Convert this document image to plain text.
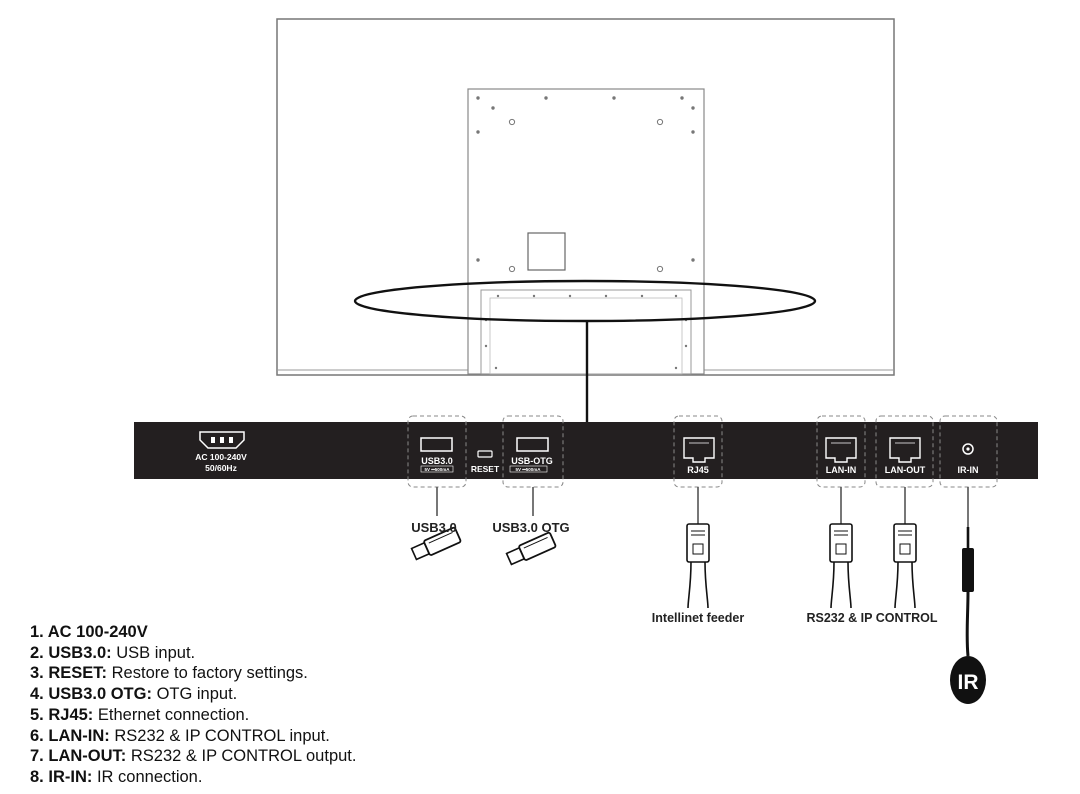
AC 100-240V
50/60Hz
USB3.0
5V ⎓500mA	RESET
USB-OTG
5V ⎓500mA	RJ45	LAN-IN	LAN-OUT	IR-IN
USB3.0	USB3.0 OTG
Intellinet feeder	RS232 & IP CONTROL
IR
1. AC 100-240V
2. USB3.0: USB input.
3. RESET: Restore to factory settings.
4. USB3.0 OTG: OTG input.
5. RJ45: Ethernet connection.
6. LAN-IN: RS232 & IP CONTROL input.
7. LAN-OUT: RS232 & IP CONTROL output.
8. IR-IN: IR connection.
